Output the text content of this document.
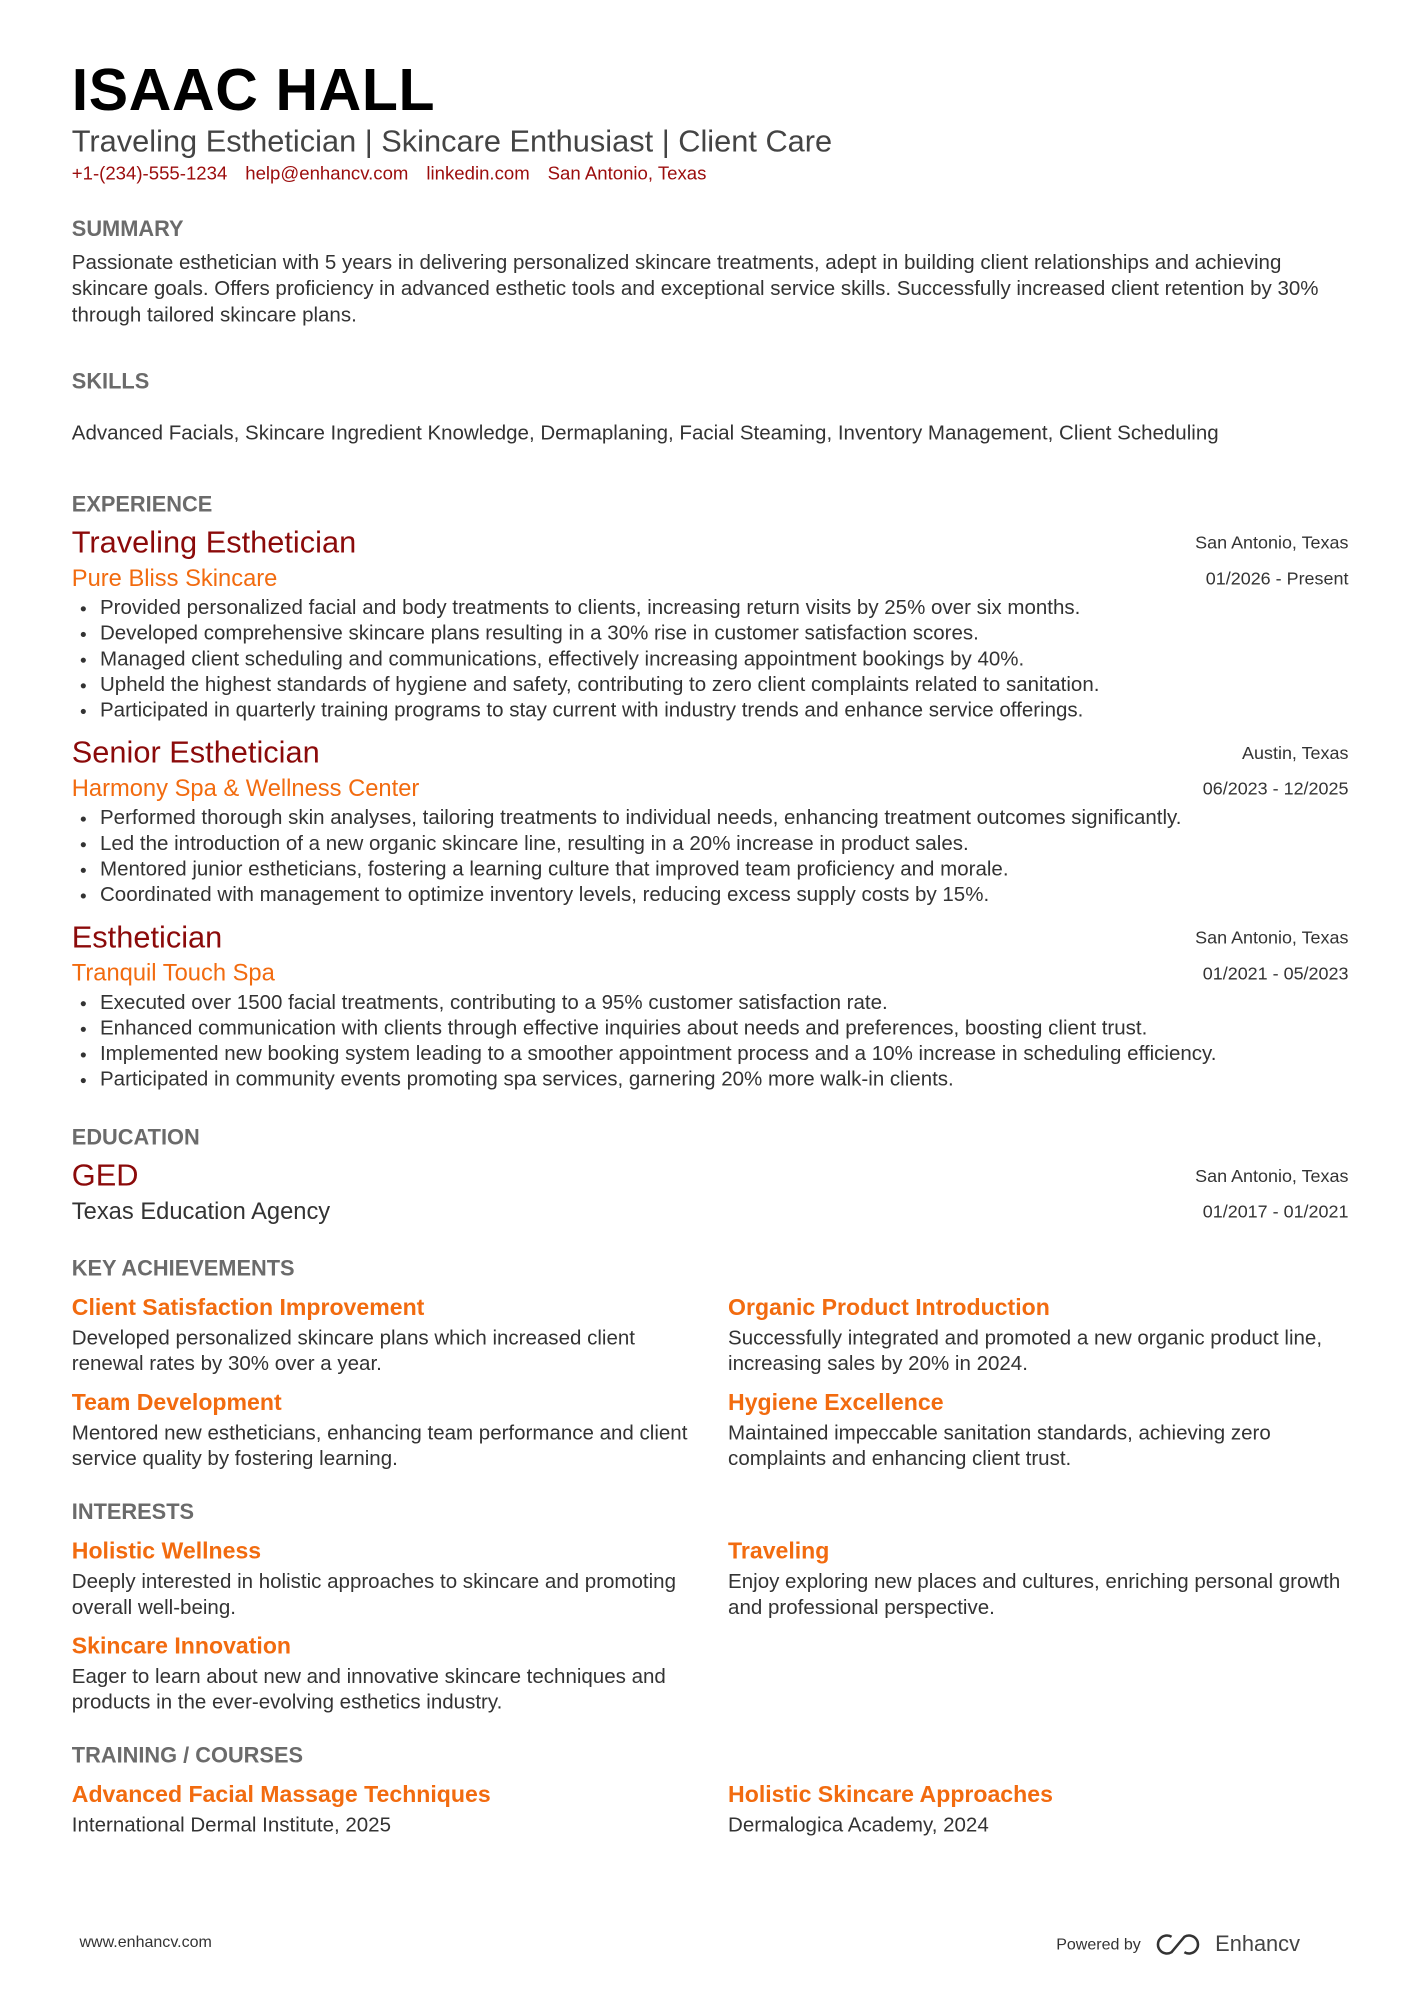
ISAAC HALL
Traveling Esthetician | Skincare Enthusiast | Client Care
+1-(234)-555-1234 help@enhancv.com linkedin.com San Antonio, Texas
SUMMARY
Passionate esthetician with 5 years in delivering personalized skincare treatments, adept in building client relationships and achieving skincare goals. Offers proficiency in advanced esthetic tools and exceptional service skills. Successfully increased client retention by 30% through tailored skincare plans.
SKILLS
Advanced Facials, Skincare Ingredient Knowledge, Dermaplaning, Facial Steaming, Inventory Management, Client Scheduling
EXPERIENCE
Traveling Esthetician
Pure Bliss Skincare
San Antonio, Texas
01/2026 - Present
• Provided personalized facial and body treatments to clients, increasing return visits by 25% over six months.
• Developed comprehensive skincare plans resulting in a 30% rise in customer satisfaction scores.
• Managed client scheduling and communications, effectively increasing appointment bookings by 40%.
• Upheld the highest standards of hygiene and safety, contributing to zero client complaints related to sanitation.
• Participated in quarterly training programs to stay current with industry trends and enhance service offerings.
Senior Esthetician
Harmony Spa & Wellness Center
Austin, Texas
06/2023 - 12/2025
• Performed thorough skin analyses, tailoring treatments to individual needs, enhancing treatment outcomes significantly.
• Led the introduction of a new organic skincare line, resulting in a 20% increase in product sales.
• Mentored junior estheticians, fostering a learning culture that improved team proficiency and morale.
• Coordinated with management to optimize inventory levels, reducing excess supply costs by 15%.
Esthetician
Tranquil Touch Spa
San Antonio, Texas
01/2021 - 05/2023
• Executed over 1500 facial treatments, contributing to a 95% customer satisfaction rate.
• Enhanced communication with clients through effective inquiries about needs and preferences, boosting client trust.
• Implemented new booking system leading to a smoother appointment process and a 10% increase in scheduling efficiency.
• Participated in community events promoting spa services, garnering 20% more walk-in clients.
EDUCATION
GED
Texas Education Agency
San Antonio, Texas
01/2017 - 01/2021
KEY ACHIEVEMENTS
Client Satisfaction Improvement
Developed personalized skincare plans which increased client renewal rates by 30% over a year.
Organic Product Introduction
Successfully integrated and promoted a new organic product line, increasing sales by 20% in 2024.
Team Development
Mentored new estheticians, enhancing team performance and client service quality by fostering learning.
Hygiene Excellence
Maintained impeccable sanitation standards, achieving zero complaints and enhancing client trust.
INTERESTS
Holistic Wellness
Deeply interested in holistic approaches to skincare and promoting overall well-being.
Traveling
Enjoy exploring new places and cultures, enriching personal growth and professional perspective.
Skincare Innovation
Eager to learn about new and innovative skincare techniques and products in the ever-evolving esthetics industry.
TRAINING / COURSES
Advanced Facial Massage Techniques
International Dermal Institute, 2025
Holistic Skincare Approaches
Dermalogica Academy, 2024
www.enhancv.com	Powered by	Enhancv
